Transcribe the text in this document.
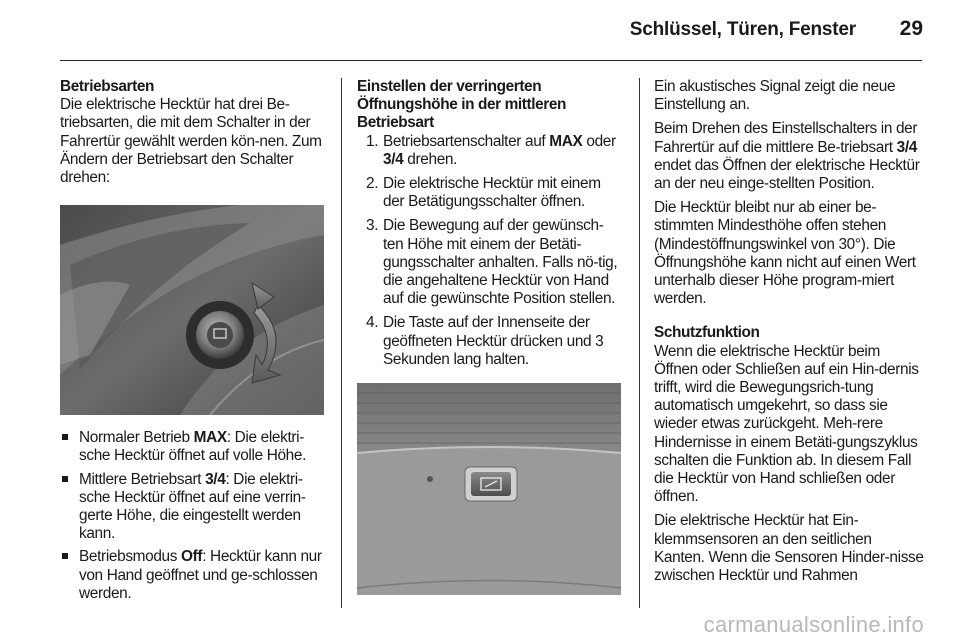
Schlüssel, Türen, Fenster 29
Betriebsarten

Die elektrische Hecktür hat drei Be-triebsarten, die mit dem Schalter in der Fahrertür gewählt werden kön-nen. Zum Ändern der Betriebsart den Schalter drehen:

Normaler Betrieb MAX: Die elektri-sche Hecktür öffnet auf volle Höhe.
Mittlere Betriebsart 3/4: Die elektri-sche Hecktür öffnet auf eine verrin-gerte Höhe, die eingestellt werden kann.
Betriebsmodus Off: Hecktür kann nur von Hand geöffnet und ge-schlossen werden.
Einstellen der verringerten Öffnungshöhe in der mittleren Betriebsart
1. Betriebsartenschalter auf MAX oder 3/4 drehen.
2. Die elektrische Hecktür mit einem der Betätigungsschalter öffnen.
3. Die Bewegung auf der gewünsch-ten Höhe mit einem der Betäti-gungsschalter anhalten. Falls nö-tig, die angehaltene Hecktür von Hand auf die gewünschte Position stellen.
4. Die Taste auf der Innenseite der geöffneten Hecktür drücken und 3 Sekunden lang halten.

Ein akustisches Signal zeigt die neue Einstellung an.

Beim Drehen des Einstellschalters in der Fahrertür auf die mittlere Be-triebsart 3/4 endet das Öffnen der elektrische Hecktür an der neu einge-stellten Position.

Die Hecktür bleibt nur ab einer be-stimmten Mindesthöhe offen stehen (Mindestöffnungswinkel von 30°). Die Öffnungshöhe kann nicht auf einen Wert unterhalb dieser Höhe program-miert werden.

Schutzfunktion

Wenn die elektrische Hecktür beim Öffnen oder Schließen auf ein Hin-dernis trifft, wird die Bewegungsrich-tung automatisch umgekehrt, so dass sie wieder etwas zurückgeht. Meh-rere Hindernisse in einem Betäti-gungszyklus schalten die Funktion ab. In diesem Fall die Hecktür von Hand schließen oder öffnen.

Die elektrische Hecktür hat Ein-klemmsensoren an den seitlichen Kanten. Wenn die Sensoren Hinder-nisse zwischen Hecktür und Rahmen

carmanualsonline.info
